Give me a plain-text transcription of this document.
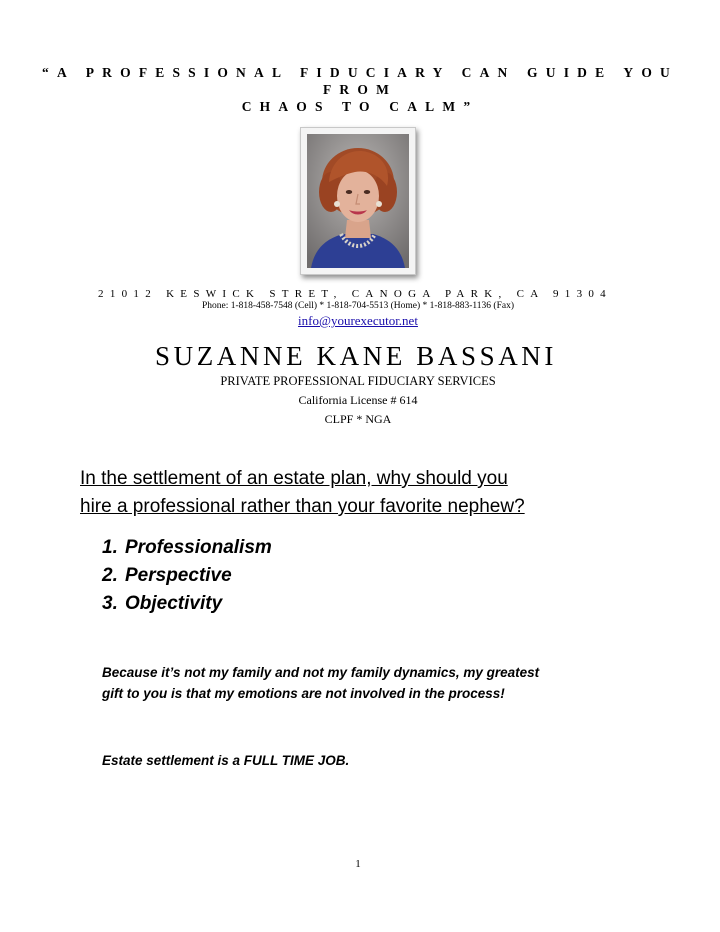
“A PROFESSIONAL FIDUCIARY CAN GUIDE YOU FROM
CHAOS TO CALM”
21012 KESWICK STRET, CANOGA PARK, CA 91304
Phone: 1-818-458-7548 (Cell) * 1-818-704-5513 (Home) * 1-818-883-1136 (Fax)
info@yourexecutor.net
SUZANNE KANE BASSANI
PRIVATE PROFESSIONAL FIDUCIARY SERVICES
California License # 614
CLPF * NGA
In the settlement of an estate plan, why should you
hire a professional rather than your favorite nephew?
1. Professionalism
2. Perspective
3. Objectivity
Because it’s not my family and not my family dynamics, my greatest
gift to you is that my emotions are not involved in the process!
Estate settlement is a FULL TIME JOB.
1
